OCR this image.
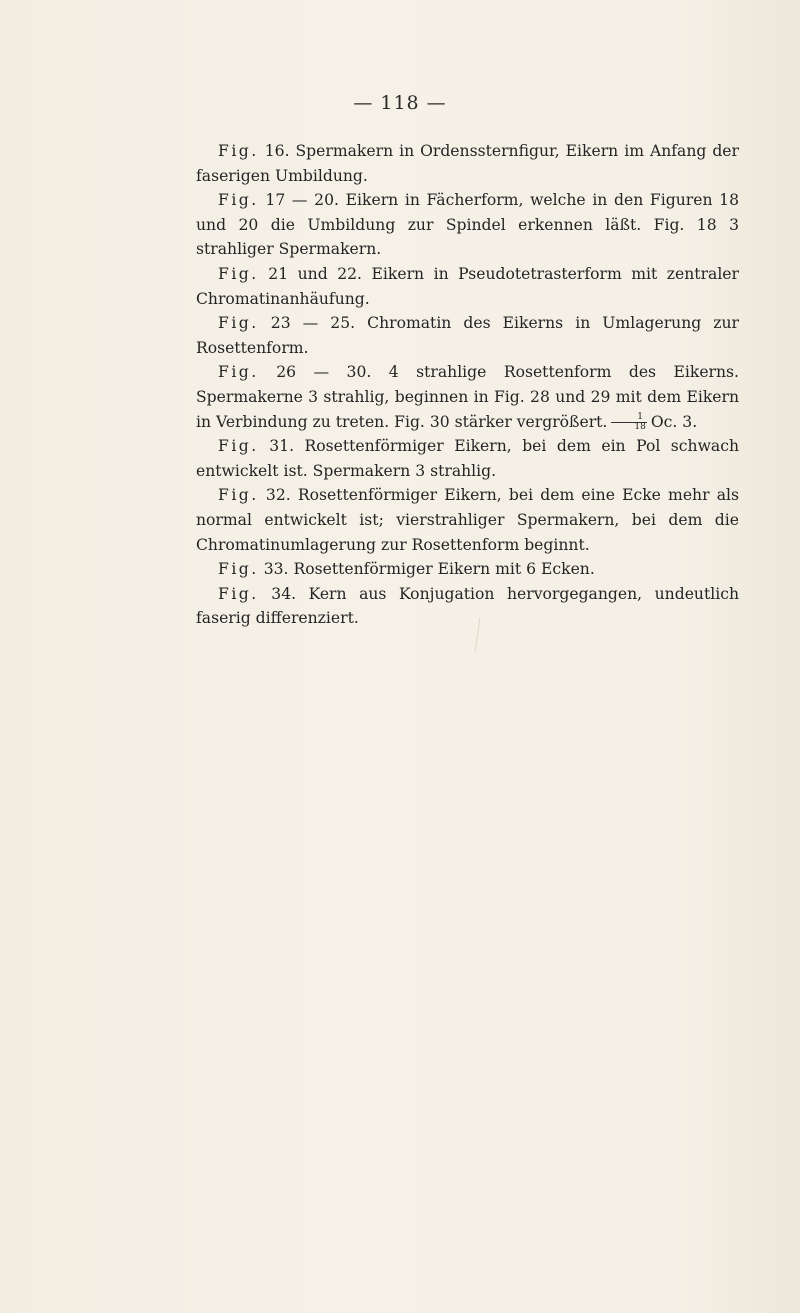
— 118 —

Fig. 16. Spermakern in Ordenssternfigur, Eikern im Anfang der faserigen Umbildung.

Fig. 17 — 20. Eikern in Fächerform, welche in den Figuren 18 und 20 die Umbildung zur Spindel erkennen läßt. Fig. 18 3 strahliger Spermakern.

Fig. 21 und 22. Eikern in Pseudotetrasterform mit zentraler Chromatinanhäufung.

Fig. 23 — 25. Chromatin des Eikerns in Umlagerung zur Rosettenform.

Fig. 26 — 30. 4 strahlige Rosettenform des Eikerns. Spermakerne 3 strahlig, beginnen in Fig. 28 und 29 mit dem Eikern in Verbindung zu treten. Fig. 30 stärker vergrößert. $\frac{1}{18} Oc$. 3.

Fig. 31. Rosettenförmiger Eikern, bei dem ein Pol schwach entwickelt ist. Spermakern 3 strahlig.

Fig. 32. Rosettenförmiger Eikern, bei dem eine Ecke mehr als normal entwickelt ist; vierstrahliger Spermakern, bei dem die Chromatinumlagerung zur Rosettenform beginnt.

Fig. 33. Rosettenförmiger Eikern mit 6 Ecken.

Fig. 34. Kern aus Konjugation hervorgegangen, undeutlich faserig differenziert.
